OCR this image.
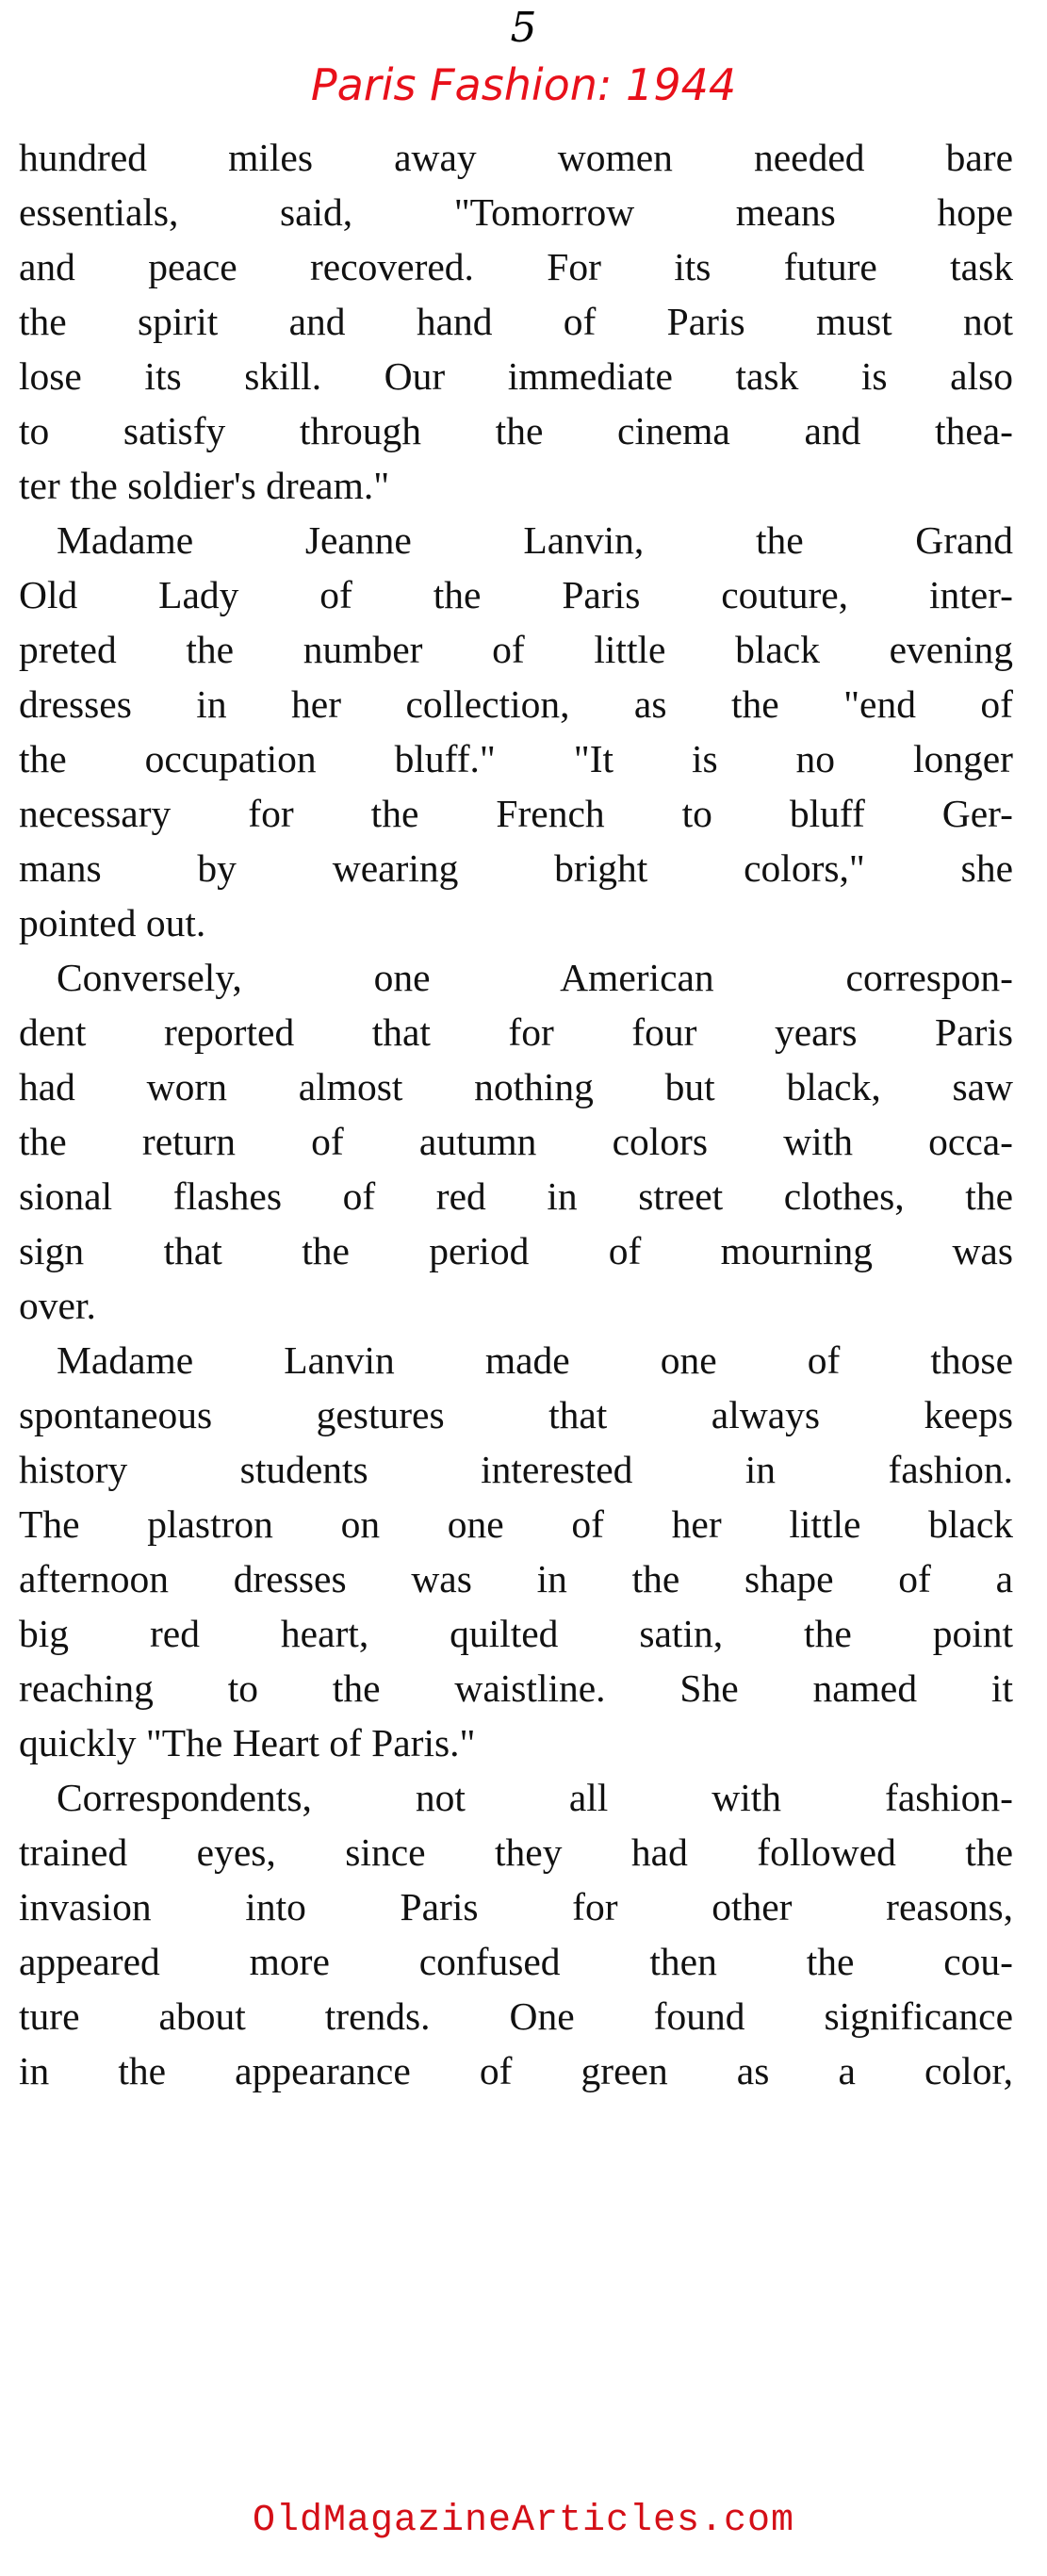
5
Paris Fashion: 1944
hundred miles away women needed bare
essentials, said, "Tomorrow means hope
and peace recovered. For its future task
the spirit and hand of Paris must not
lose its skill. Our immediate task is also
to satisfy through the cinema and thea-
ter the soldier's dream."
Madame Jeanne Lanvin, the Grand
Old Lady of the Paris couture, inter-
preted the number of little black evening
dresses in her collection, as the "end of
the occupation bluff." "It is no longer
necessary for the French to bluff Ger-
mans by wearing bright colors," she
pointed out.
Conversely, one American correspon-
dent reported that for four years Paris
had worn almost nothing but black, saw
the return of autumn colors with occa-
sional flashes of red in street clothes, the
sign that the period of mourning was
over.
Madame Lanvin made one of those
spontaneous gestures that always keeps
history students interested in fashion.
The plastron on one of her little black
afternoon dresses was in the shape of a
big red heart, quilted satin, the point
reaching to the waistline. She named it
quickly "The Heart of Paris."
Correspondents, not all with fashion-
trained eyes, since they had followed the
invasion into Paris for other reasons,
appeared more confused then the cou-
ture about trends. One found significance
in the appearance of green as a color,
OldMagazineArticles.com
